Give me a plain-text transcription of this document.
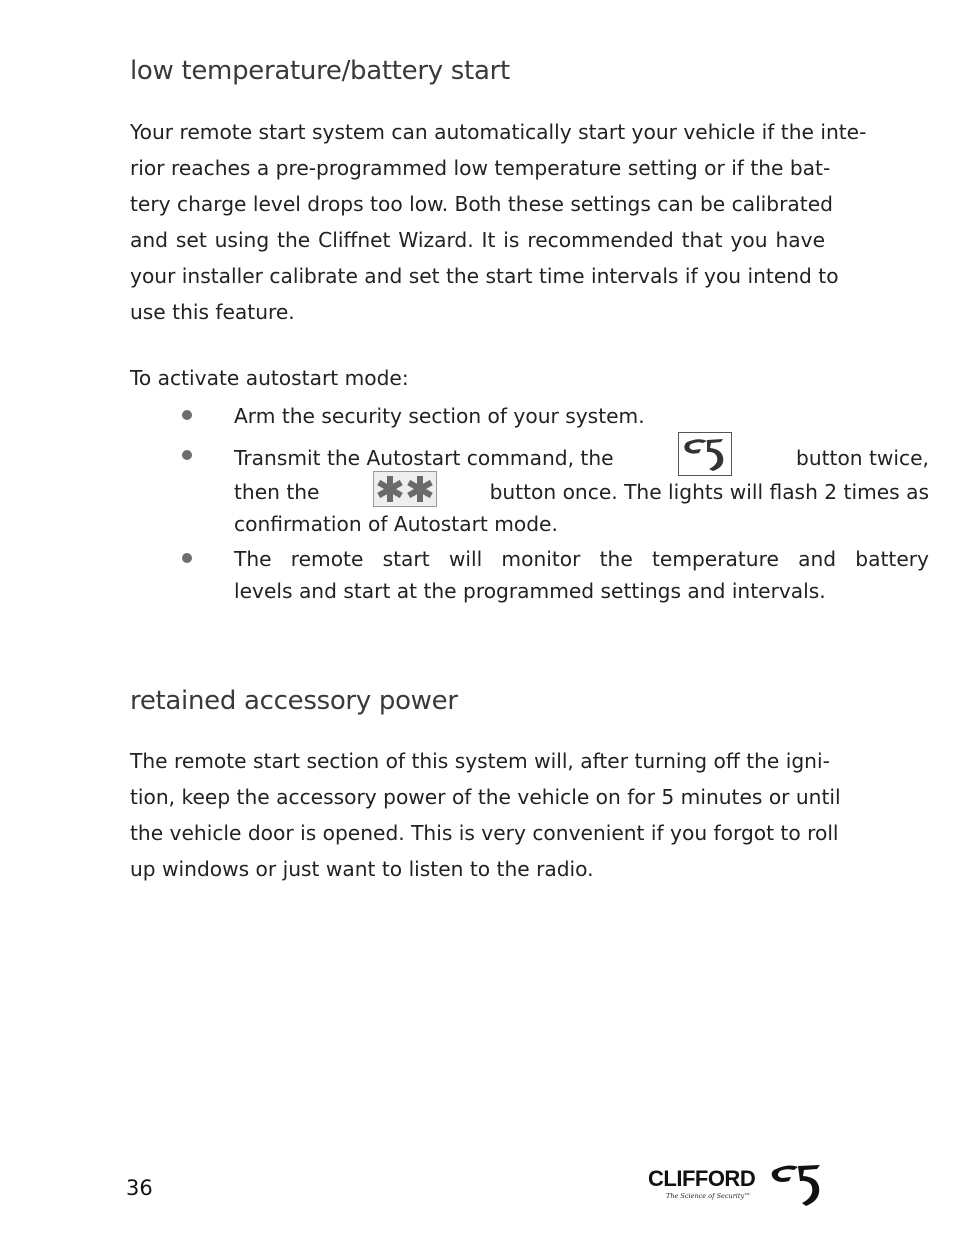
low temperature/battery start

Your remote start system can automatically start your vehicle if the inte-
rior reaches a pre-programmed low temperature setting or if the bat-
tery charge level drops too low. Both these settings can be calibrated
and set using the Cliffnet Wizard. It is recommended that you have
your installer calibrate and set the start time intervals if you intend to
use this feature.

To activate autostart mode:

Arm the security section of your system.
Transmit the Autostart command, the	button twice,
then the	button once. The lights will flash 2 times as
confirmation of Autostart mode.
The remote start will monitor the temperature and battery
levels and start at the programmed settings and intervals.
retained accessory power

The remote start section of this system will, after turning off the igni-
tion, keep the accessory power of the vehicle on for 5 minutes or until
the vehicle door is opened. This is very convenient if you forgot to roll
up windows or just want to listen to the radio.

36	CLIFFORD
The Science of Security™
